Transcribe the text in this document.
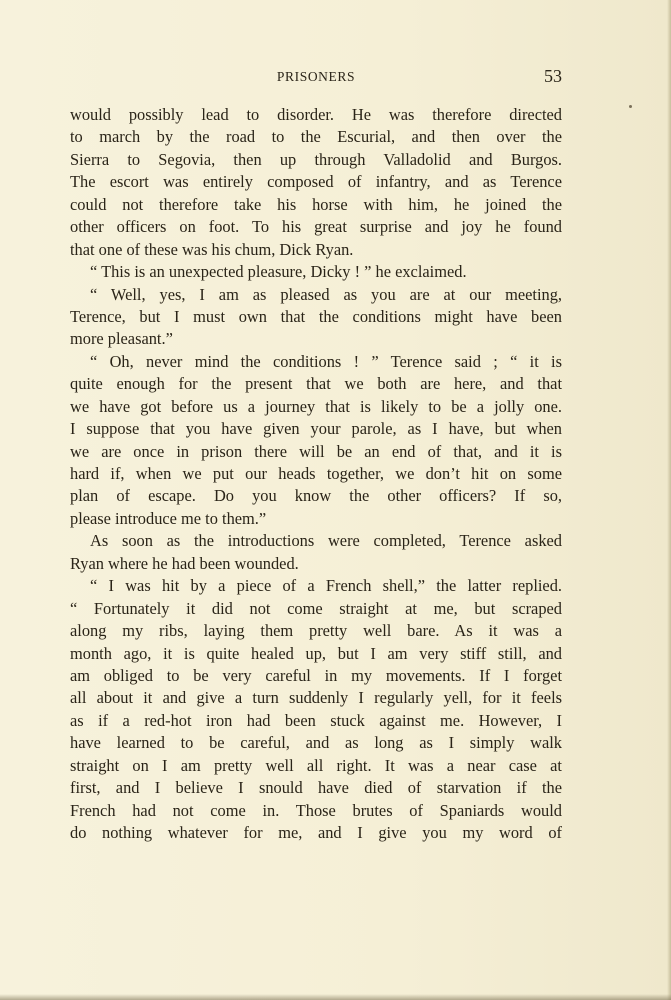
PRISONERS	53
would possibly lead to disorder. He was therefore directed
to march by the road to the Escurial, and then over the
Sierra to Segovia, then up through Valladolid and Burgos.
The escort was entirely composed of infantry, and as Terence
could not therefore take his horse with him, he joined the
other officers on foot. To his great surprise and joy he found
that one of these was his chum, Dick Ryan.
“ This is an unexpected pleasure, Dicky ! ” he exclaimed.
“ Well, yes, I am as pleased as you are at our meeting,
Terence, but I must own that the conditions might have been
more pleasant.”
“ Oh, never mind the conditions ! ” Terence said ; “ it is
quite enough for the present that we both are here, and that
we have got before us a journey that is likely to be a jolly one.
I suppose that you have given your parole, as I have, but when
we are once in prison there will be an end of that, and it is
hard if, when we put our heads together, we don’t hit on some
plan of escape. Do you know the other officers? If so,
please introduce me to them.”
As soon as the introductions were completed, Terence asked
Ryan where he had been wounded.
“ I was hit by a piece of a French shell,” the latter replied.
“ Fortunately it did not come straight at me, but scraped
along my ribs, laying them pretty well bare. As it was a
month ago, it is quite healed up, but I am very stiff still, and
am obliged to be very careful in my movements. If I forget
all about it and give a turn suddenly I regularly yell, for it feels
as if a red-hot iron had been stuck against me. However, I
have learned to be careful, and as long as I simply walk
straight on I am pretty well all right. It was a near case at
first, and I believe I snould have died of starvation if the
French had not come in. Those brutes of Spaniards would
do nothing whatever for me, and I give you my word of
